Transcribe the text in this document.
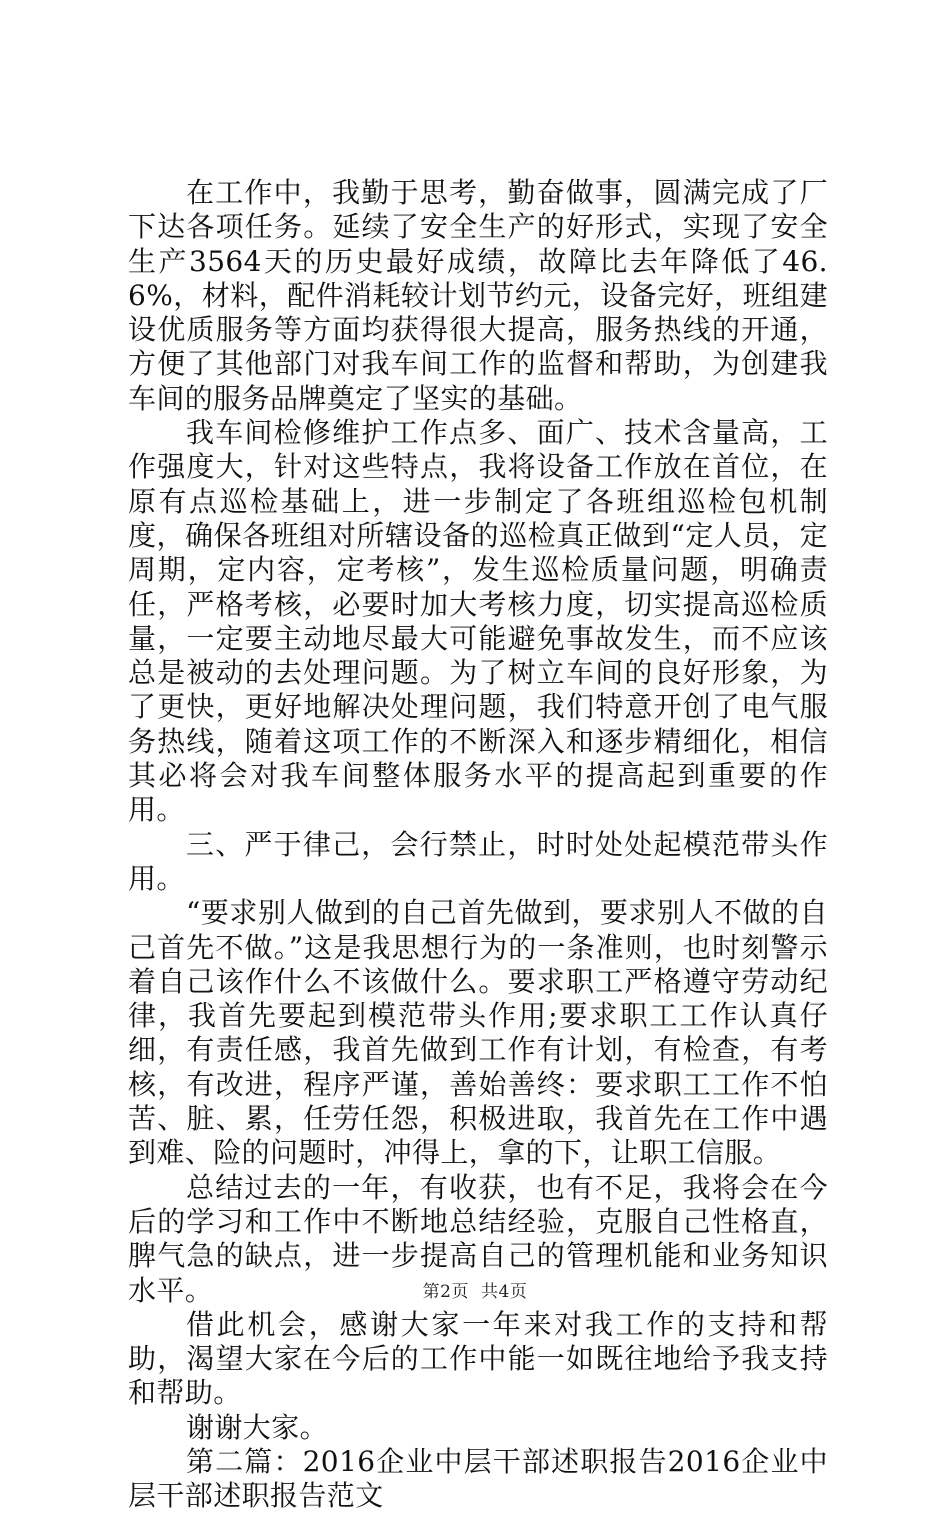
在工作中，我勤于思考，勤奋做事，圆满完成了厂下达各项任务。延续了安全生产的好形式，实现了安全生产3564天的历史最好成绩，故障比去年降低了46.6%，材料，配件消耗较计划节约元，设备完好，班组建设优质服务等方面均获得很大提高，服务热线的开通，方便了其他部门对我车间工作的监督和帮助，为创建我车间的服务品牌奠定了坚实的基础。

我车间检修维护工作点多、面广、技术含量高，工作强度大，针对这些特点，我将设备工作放在首位，在原有点巡检基础上，进一步制定了各班组巡检包机制度，确保各班组对所辖设备的巡检真正做到“定人员，定周期，定内容，定考核”，发生巡检质量问题，明确责任，严格考核，必要时加大考核力度，切实提高巡检质量，一定要主动地尽最大可能避免事故发生，而不应该总是被动的去处理问题。为了树立车间的良好形象，为了更快，更好地解决处理问题，我们特意开创了电气服务热线，随着这项工作的不断深入和逐步精细化，相信其必将会对我车间整体服务水平的提高起到重要的作用。

三、严于律己，会行禁止，时时处处起模范带头作用。

“要求别人做到的自己首先做到，要求别人不做的自己首先不做。”这是我思想行为的一条准则，也时刻警示着自己该作什么不该做什么。要求职工严格遵守劳动纪律，我首先要起到模范带头作用;要求职工工作认真仔细，有责任感，我首先做到工作有计划，有检查，有考核，有改进，程序严谨，善始善终：要求职工工作不怕苦、脏、累，任劳任怨，积极进取，我首先在工作中遇到难、险的问题时，冲得上，拿的下，让职工信服。

总结过去的一年，有收获，也有不足，我将会在今后的学习和工作中不断地总结经验，克服自己性格直，脾气急的缺点，进一步提高自己的管理机能和业务知识水平。

借此机会，感谢大家一年来对我工作的支持和帮助，渴望大家在今后的工作中能一如既往地给予我支持和帮助。

谢谢大家。

第二篇：2016企业中层干部述职报告2016企业中层干部述职报告范文

第2页 共4页
